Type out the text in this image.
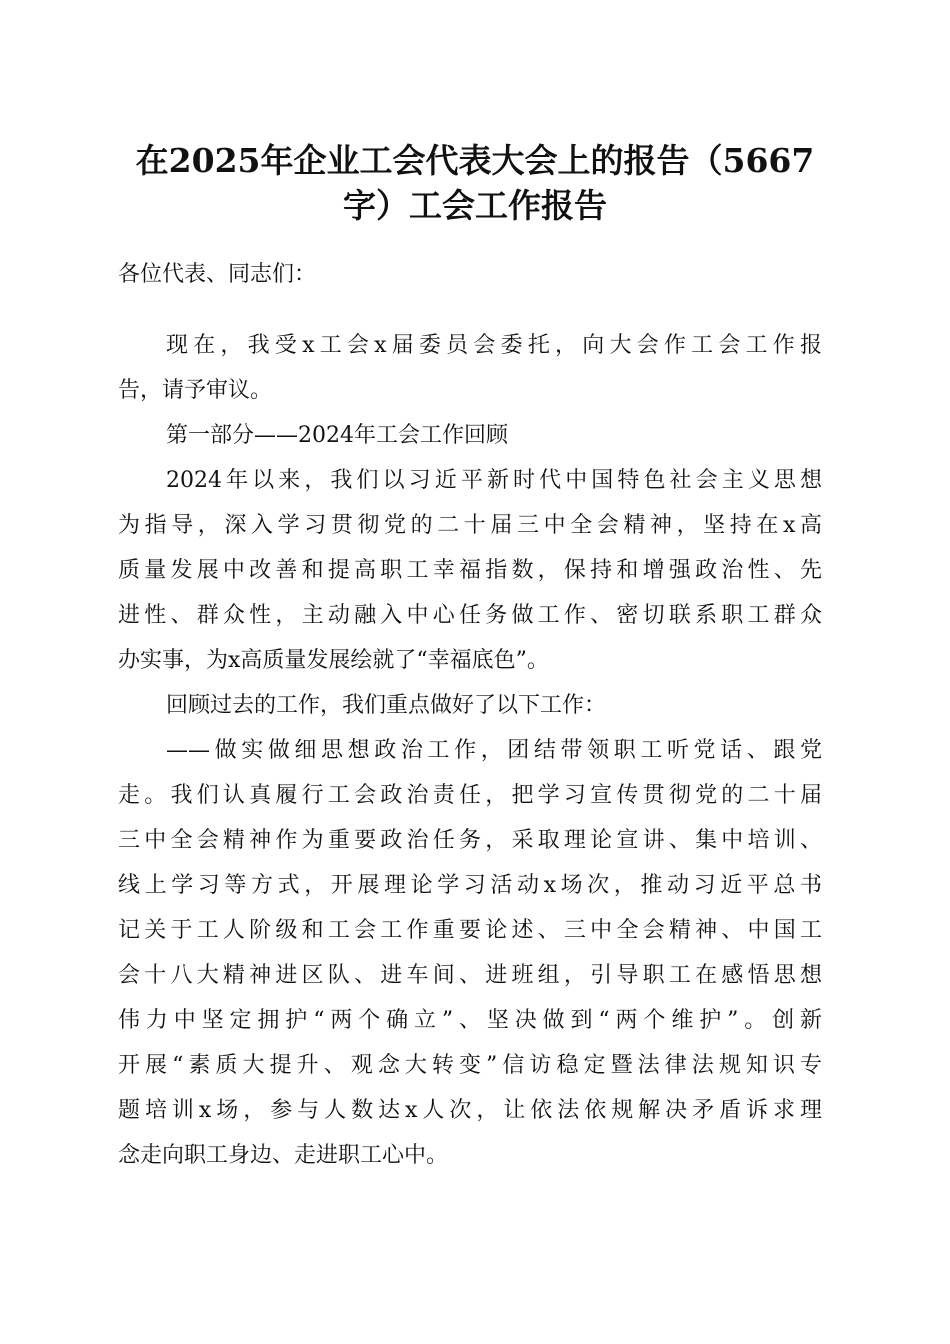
在2025年企业工会代表大会上的报告（5667
字）工会工作报告
各位代表、同志们：
现在，我受x工会x届委员会委托，向大会作工会工作报
告，请予审议。
第一部分——2024年工会工作回顾
2024年以来，我们以习近平新时代中国特色社会主义思想
为指导，深入学习贯彻党的二十届三中全会精神，坚持在x高
质量发展中改善和提高职工幸福指数，保持和增强政治性、先
进性、群众性，主动融入中心任务做工作、密切联系职工群众
办实事，为x高质量发展绘就了“幸福底色”。
回顾过去的工作，我们重点做好了以下工作：
——做实做细思想政治工作，团结带领职工听党话、跟党
走。我们认真履行工会政治责任，把学习宣传贯彻党的二十届
三中全会精神作为重要政治任务，采取理论宣讲、集中培训、
线上学习等方式，开展理论学习活动x场次，推动习近平总书
记关于工人阶级和工会工作重要论述、三中全会精神、中国工
会十八大精神进区队、进车间、进班组，引导职工在感悟思想
伟力中坚定拥护“两个确立”、坚决做到“两个维护”。创新
开展“素质大提升、观念大转变”信访稳定暨法律法规知识专
题培训x场，参与人数达x人次，让依法依规解决矛盾诉求理
念走向职工身边、走进职工心中。
